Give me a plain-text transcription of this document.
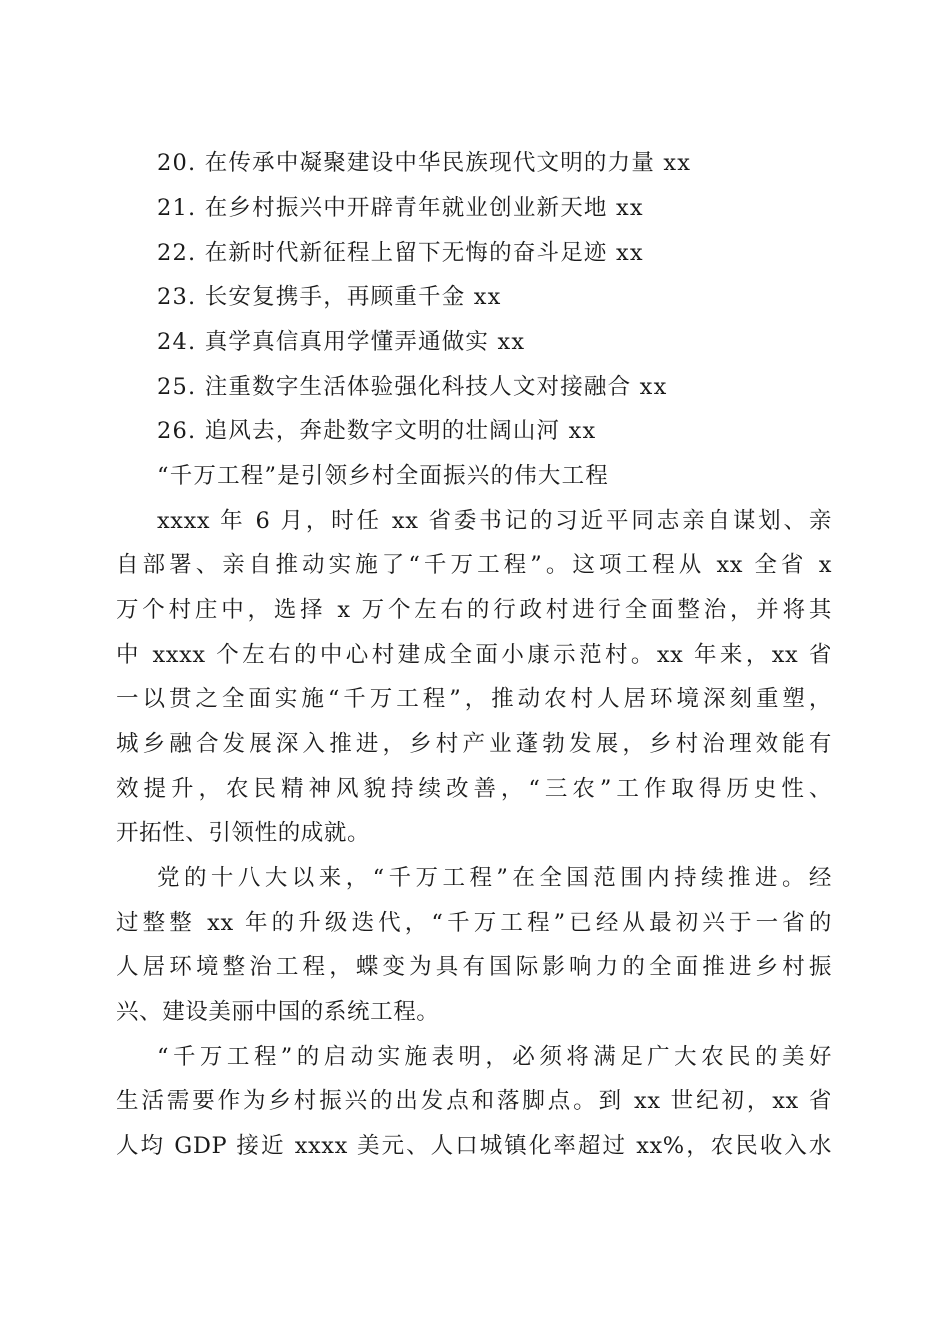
20. 在传承中凝聚建设中华民族现代文明的力量 xx
21. 在乡村振兴中开辟青年就业创业新天地 xx
22. 在新时代新征程上留下无悔的奋斗足迹 xx
23. 长安复携手，再顾重千金 xx
24. 真学真信真用学懂弄通做实 xx
25. 注重数字生活体验强化科技人文对接融合 xx
26. 追风去，奔赴数字文明的壮阔山河 xx
“千万工程”是引领乡村全面振兴的伟大工程
xxxx 年 6 月，时任 xx 省委书记的习近平同志亲自谋划、亲
自部署、亲自推动实施了“千万工程”。这项工程从 xx 全省 x
万个村庄中，选择 x 万个左右的行政村进行全面整治，并将其
中 xxxx 个左右的中心村建成全面小康示范村。xx 年来，xx 省
一以贯之全面实施“千万工程”，推动农村人居环境深刻重塑，
城乡融合发展深入推进，乡村产业蓬勃发展，乡村治理效能有
效提升，农民精神风貌持续改善，“三农”工作取得历史性、
开拓性、引领性的成就。
党的十八大以来，“千万工程”在全国范围内持续推进。经
过整整 xx 年的升级迭代，“千万工程”已经从最初兴于一省的
人居环境整治工程，蝶变为具有国际影响力的全面推进乡村振
兴、建设美丽中国的系统工程。
“千万工程”的启动实施表明，必须将满足广大农民的美好
生活需要作为乡村振兴的出发点和落脚点。到 xx 世纪初，xx 省
人均 GDP 接近 xxxx 美元、人口城镇化率超过 xx%，农民收入水
